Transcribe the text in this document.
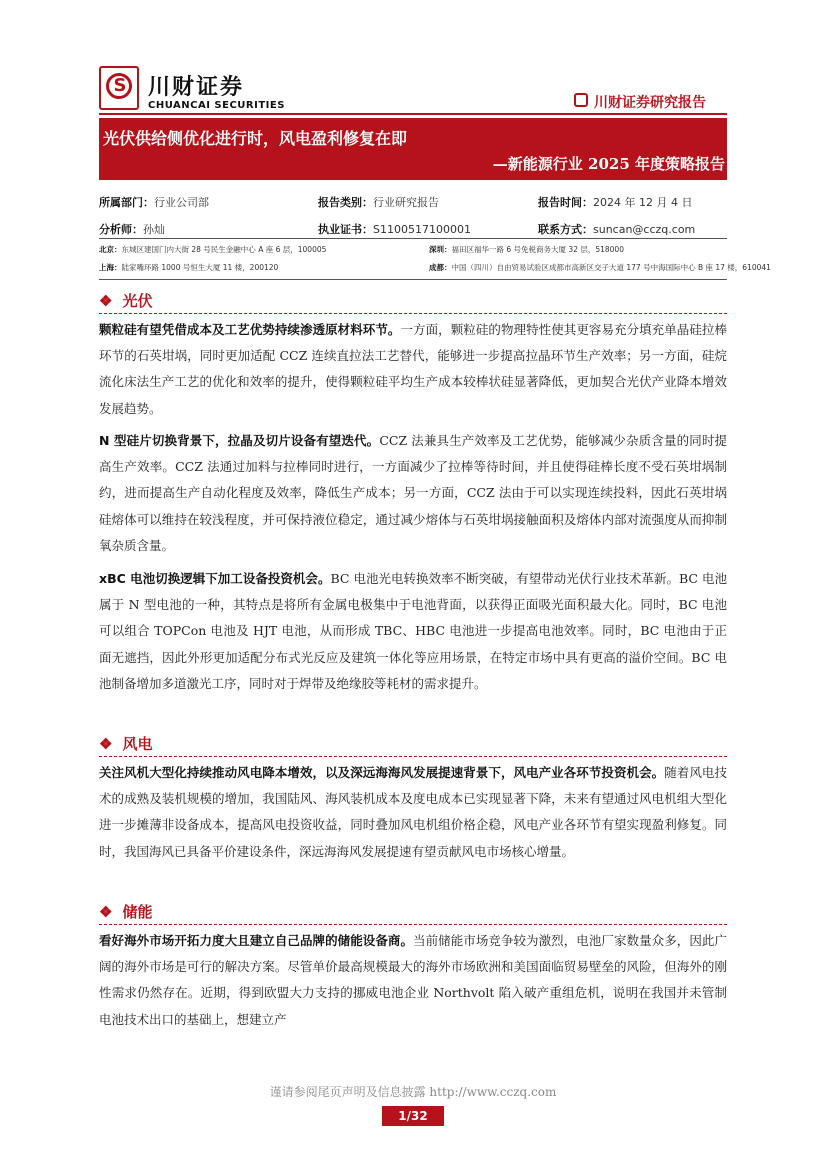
S 川财证券
CHUANCAI SECURITIES	川财证券研究报告
光伏供给侧优化进行时，风电盈利修复在即
—新能源行业 2025 年度策略报告
所属部门：行业公司部	报告类别：行业研究报告	报告时间：2024 年 12 月 4 日
分析师：孙灿	执业证书：S1100517100001	联系方式：suncan@cczq.com
北京：东城区建国门内大街 28 号民生金融中心 A 座 6 层，100005	深圳：福田区福华一路 6 号免税商务大厦 32 层，518000
上海：陆家嘴环路 1000 号恒生大厦 11 楼，200120	成都：中国（四川）自由贸易试验区成都市高新区交子大道 177 号中海国际中心 B 座 17 楼，610041
❖ 光伏
颗粒硅有望凭借成本及工艺优势持续渗透原材料环节。一方面，颗粒硅的物理特性使其更容易充分填充单晶硅拉棒环节的石英坩埚，同时更加适配 CCZ 连续直拉法工艺替代，能够进一步提高拉晶环节生产效率；另一方面，硅烷流化床法生产工艺的优化和效率的提升，使得颗粒硅平均生产成本较棒状硅显著降低，更加契合光伏产业降本增效发展趋势。
N 型硅片切换背景下，拉晶及切片设备有望迭代。CCZ 法兼具生产效率及工艺优势，能够减少杂质含量的同时提高生产效率。CCZ 法通过加料与拉棒同时进行，一方面减少了拉棒等待时间，并且使得硅棒长度不受石英坩埚制约，进而提高生产自动化程度及效率，降低生产成本；另一方面，CCZ 法由于可以实现连续投料，因此石英坩埚硅熔体可以维持在较浅程度，并可保持液位稳定，通过减少熔体与石英坩埚接触面积及熔体内部对流强度从而抑制氧杂质含量。
xBC 电池切换逻辑下加工设备投资机会。BC 电池光电转换效率不断突破，有望带动光伏行业技术革新。BC 电池属于 N 型电池的一种，其特点是将所有金属电极集中于电池背面，以获得正面吸光面积最大化。同时，BC 电池可以组合 TOPCon 电池及 HJT 电池，从而形成 TBC、HBC 电池进一步提高电池效率。同时，BC 电池由于正面无遮挡，因此外形更加适配分布式光反应及建筑一体化等应用场景，在特定市场中具有更高的溢价空间。BC 电池制备增加多道激光工序，同时对于焊带及绝缘胶等耗材的需求提升。
❖ 风电
关注风机大型化持续推动风电降本增效，以及深远海海风发展提速背景下，风电产业各环节投资机会。随着风电技术的成熟及装机规模的增加，我国陆风、海风装机成本及度电成本已实现显著下降，未来有望通过风电机组大型化进一步摊薄非设备成本，提高风电投资收益，同时叠加风电机组价格企稳，风电产业各环节有望实现盈利修复。同时，我国海风已具备平价建设条件，深远海海风发展提速有望贡献风电市场核心增量。
❖ 储能
看好海外市场开拓力度大且建立自己品牌的储能设备商。当前储能市场竞争较为激烈，电池厂家数量众多，因此广阔的海外市场是可行的解决方案。尽管单价最高规模最大的海外市场欧洲和美国面临贸易壁垒的风险，但海外的刚性需求仍然存在。近期，得到欧盟大力支持的挪威电池企业 Northvolt 陷入破产重组危机，说明在我国并未管制电池技术出口的基础上，想建立产
谨请参阅尾页声明及信息披露 http://www.cczq.com
1/32
